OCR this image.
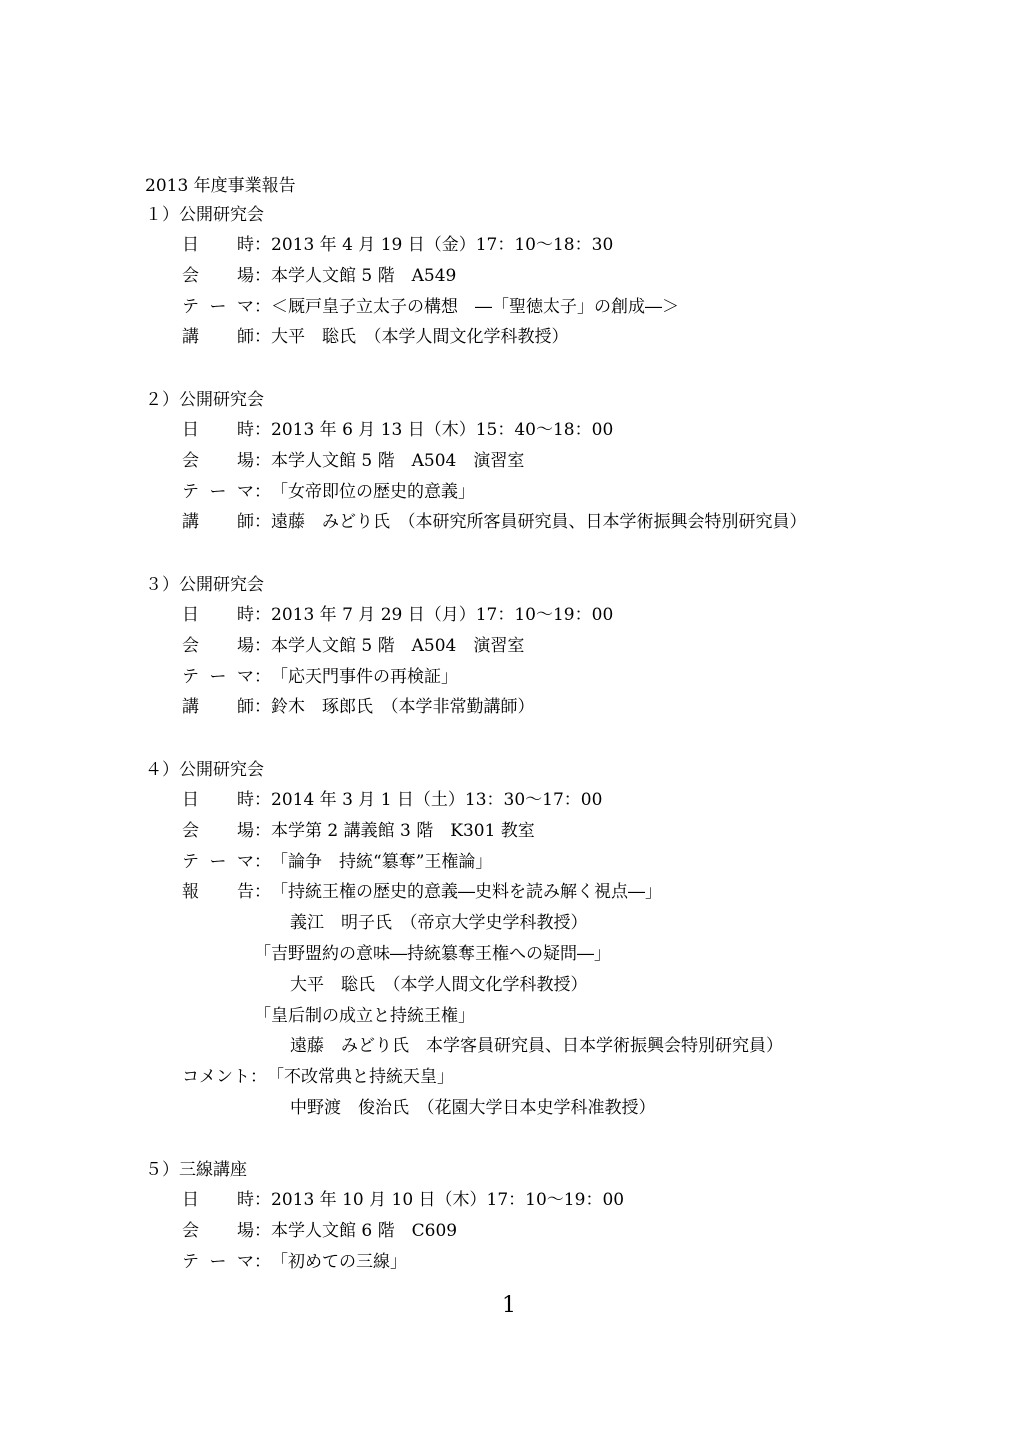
2013 年度事業報告
１）公開研究会
日　時：2013 年 4 月 19 日（金）17：10～18：30
会　場：本学人文館 5 階　A549
テーマ：＜厩戸皇子立太子の構想　―「聖徳太子」の創成―＞
講　師：大平　聡氏　（本学人間文化学科教授）
２）公開研究会
日　時：2013 年 6 月 13 日（木）15：40～18：00
会　場：本学人文館 5 階　A504　演習室
テーマ：「女帝即位の歴史的意義」
講　師：遠藤　みどり氏　（本研究所客員研究員、日本学術振興会特別研究員）
３）公開研究会
日　時：2013 年 7 月 29 日（月）17：10～19：00
会　場：本学人文館 5 階　A504　演習室
テーマ：「応天門事件の再検証」
講　師：鈴木　琢郎氏　（本学非常勤講師）
４）公開研究会
日　時：2014 年 3 月 1 日（土）13：30～17：00
会　場：本学第 2 講義館 3 階　K301 教室
テーマ：「論争　持統“簒奪”王権論」
報　告：「持統王権の歴史的意義―史料を読み解く視点―」
義江　明子氏　（帝京大学史学科教授）
「吉野盟約の意味―持統簒奪王権への疑問―」
大平　聡氏　（本学人間文化学科教授）
「皇后制の成立と持統王権」
遠藤　みどり氏　本学客員研究員、日本学術振興会特別研究員）
コメント：「不改常典と持統天皇」
中野渡　俊治氏　（花園大学日本史学科准教授）
５）三線講座
日　時：2013 年 10 月 10 日（木）17：10～19：00
会　場：本学人文館 6 階　C609
テーマ：「初めての三線」
1
